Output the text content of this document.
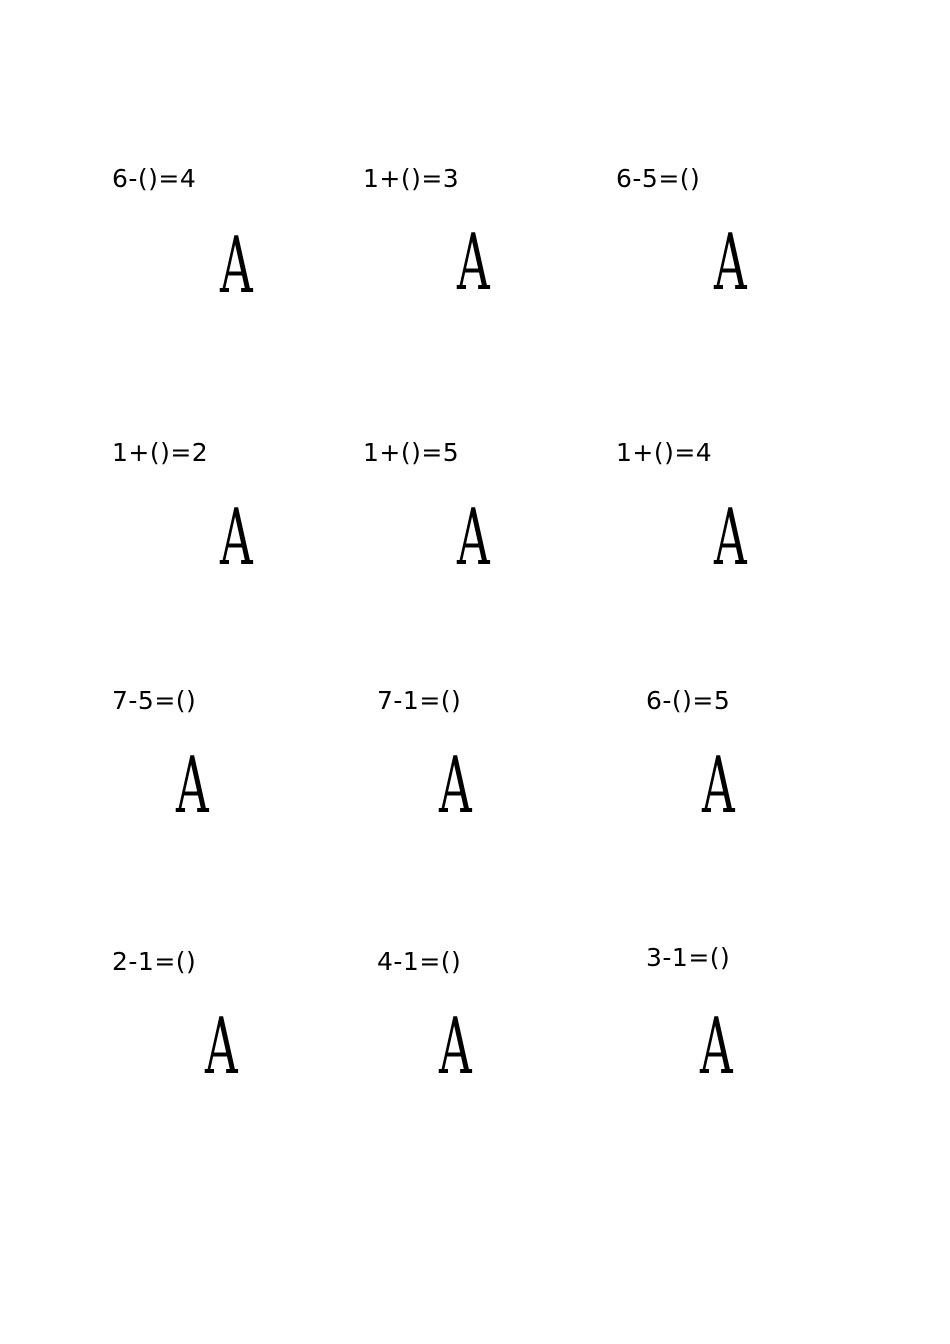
6-()=4
A
1+()=3
A
6-5=()
A
1+()=2
A
1+()=5
A
1+()=4
A
7-5=()
A
7-1=()
A
6-()=5
A
2-1=()
A
4-1=()
A
3-1=()
A
